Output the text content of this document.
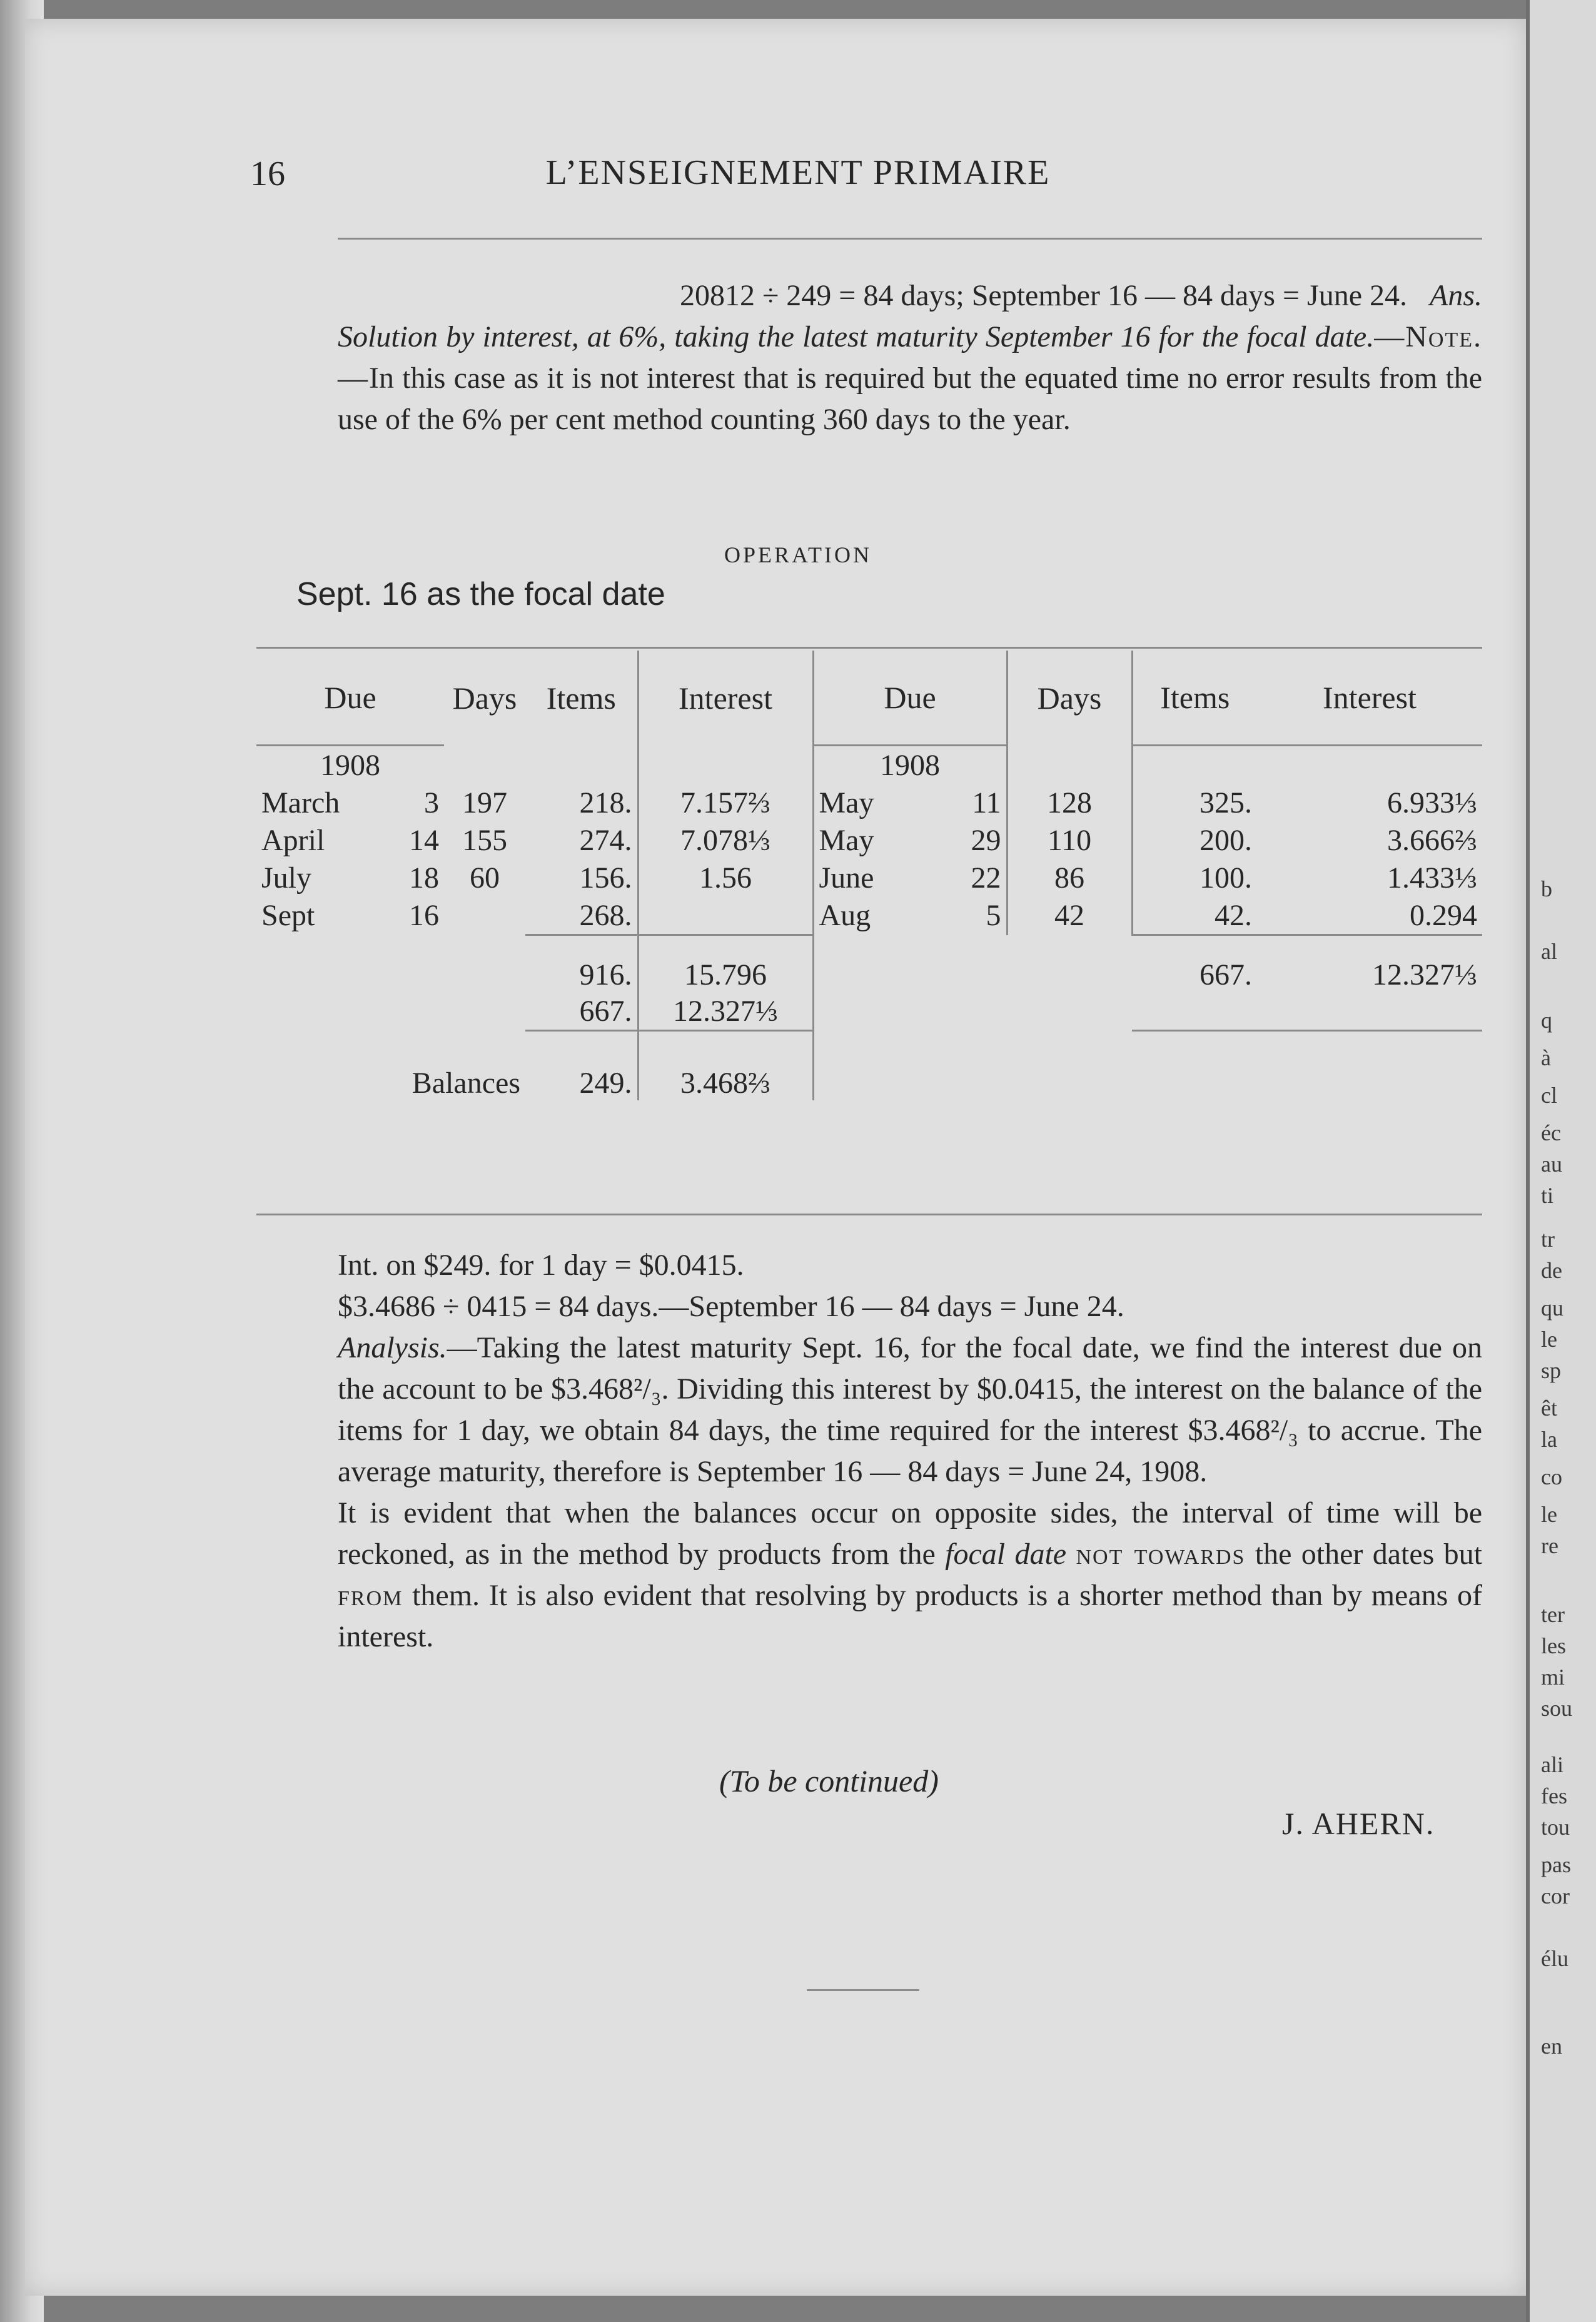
b
al
q
à
cl
éc
au
ti
tr
de
qu
le
sp
êt
la
co
le
re
ter
les
mi
sou
ali
fes
tou
pas
cor
élu
en
L’ENSEIGNEMENT PRIMAIRE
16

20812 ÷ 249 = 84 days; September 16 — 84 days = June 24. Ans.

Solution by interest, at 6%, taking the latest maturity September 16 for the focal date.—Note.—In this case as it is not interest that is required but the equated time no error results from the use of the 6% per cent method counting 360 days to the year.

OPERATION
Sept. 16 as the focal date
Due		Days	Items	Interest	Due		Days	Items	Interest
1908					1908				
March	3	197	218.	7.157⅔	May	11	128	325.	6.933⅓
April	14	155	274.	7.078⅓	May	29	110	200.	3.666⅔
July	18	60	156.	1.56	June	22	86	100.	1.433⅓
Sept	16		268.		Aug	5	42	42.	0.294
			916.	15.796				667.	12.327⅓
			667.	12.327⅓					
	Balances		249.	3.468⅔					

Int. on $249. for 1 day = $0.0415.

$3.4686 ÷ 0415 = 84 days.—September 16 — 84 days = June 24.

Analysis.—Taking the latest maturity Sept. 16, for the focal date, we find the interest due on the account to be $3.468²/₃. Dividing this interest by $0.0415, the interest on the balance of the items for 1 day, we obtain 84 days, the time required for the interest $3.468²/₃ to accrue. The average maturity, therefore is September 16 — 84 days = June 24, 1908.

It is evident that when the balances occur on opposite sides, the interval of time will be reckoned, as in the method by products from the focal date not towards the other dates but from them. It is also evident that resolving by products is a shorter method than by means of interest.

(To be continued)
J. AHERN.
